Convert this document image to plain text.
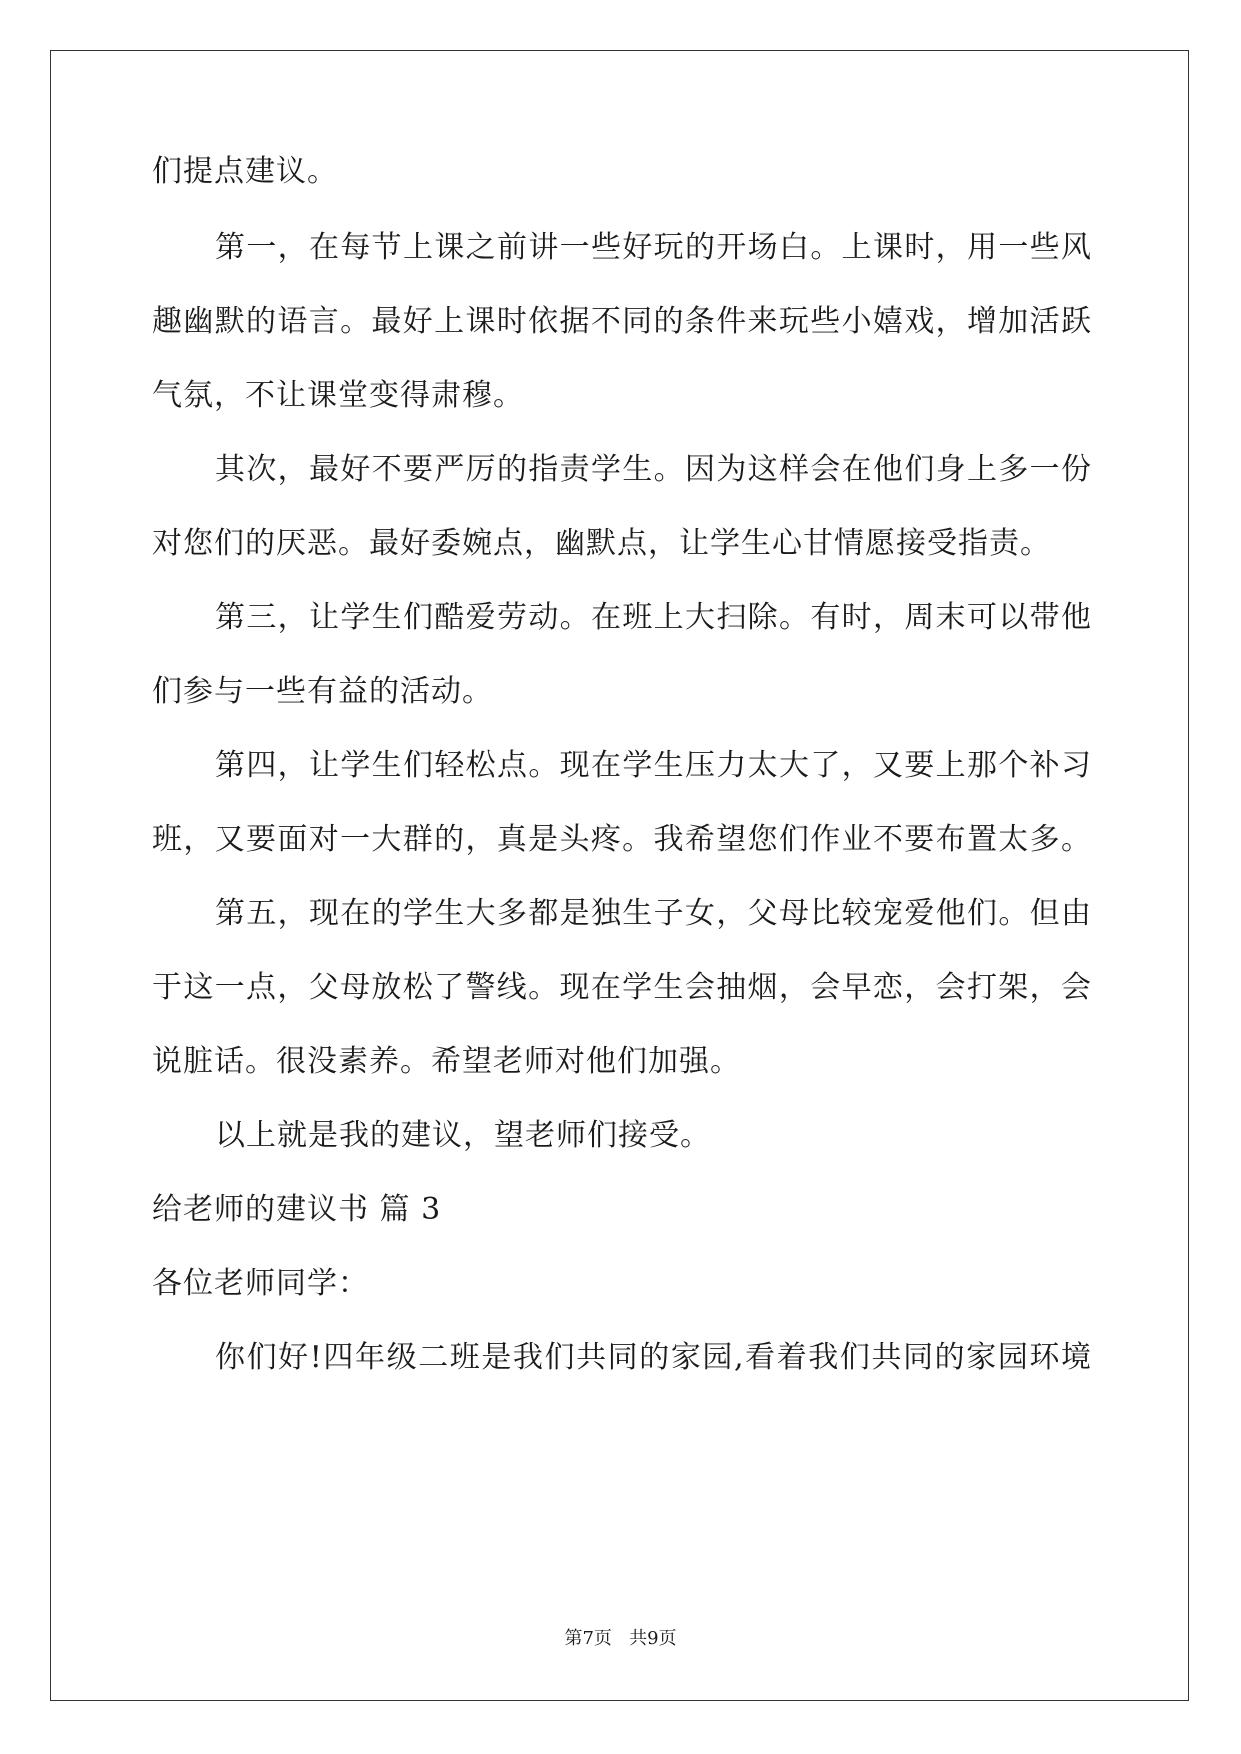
们提点建议。
第一，在每节上课之前讲一些好玩的开场白。上课时，用一些风
趣幽默的语言。最好上课时依据不同的条件来玩些小嬉戏，增加活跃
气氛，不让课堂变得肃穆。
其次，最好不要严厉的指责学生。因为这样会在他们身上多一份
对您们的厌恶。最好委婉点，幽默点，让学生心甘情愿接受指责。
第三，让学生们酷爱劳动。在班上大扫除。有时，周末可以带他
们参与一些有益的活动。
第四，让学生们轻松点。现在学生压力太大了，又要上那个补习
班，又要面对一大群的，真是头疼。我希望您们作业不要布置太多。
第五，现在的学生大多都是独生子女，父母比较宠爱他们。但由
于这一点，父母放松了警线。现在学生会抽烟，会早恋，会打架，会
说脏话。很没素养。希望老师对他们加强。
以上就是我的建议，望老师们接受。
给老师的建议书 篇 3
各位老师同学：
你们好!四年级二班是我们共同的家园,看着我们共同的家园环境
第7页 共9页
